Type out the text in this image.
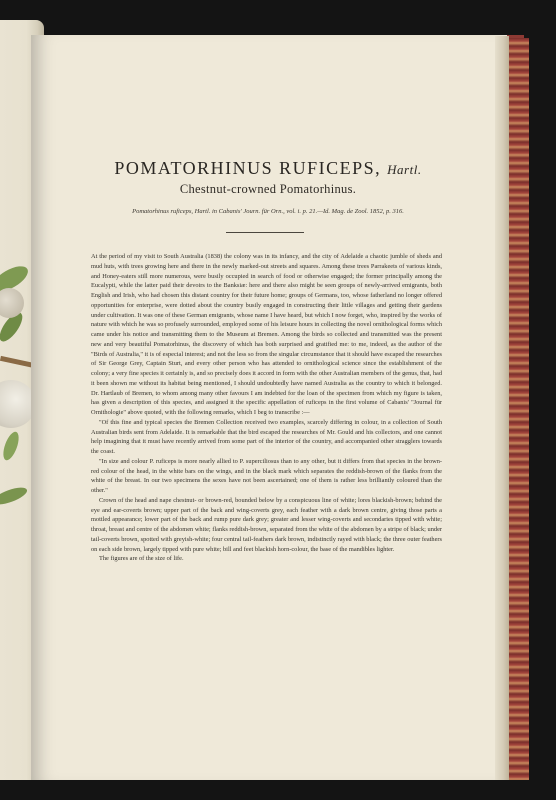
POMATORHINUS RUFICEPS, Hartl.
Chestnut-crowned Pomatorhinus.
Pomatorhinus ruficeps, Hartl. in Cabanis' Journ. für Orn., vol. i. p. 21.—Id. Mag. de Zool. 1852, p. 316.

At the period of my visit to South Australia (1838) the colony was in its infancy, and the city of Adelaide a chaotic jumble of sheds and mud huts, with trees growing here and there in the newly marked-out streets and squares. Among these trees Parrakeets of various kinds, and Honey-eaters still more numerous, were busily occupied in search of food or otherwise engaged; the former principally among the Eucalypti, while the latter paid their devoirs to the Banksiæ: here and there also might be seen groups of newly-arrived emigrants, both English and Irish, who had chosen this distant country for their future home; groups of Germans, too, whose fatherland no longer offered opportunities for enterprise, were dotted about the country busily engaged in constructing their little villages and getting their gardens under cultivation. It was one of these German emigrants, whose name I have heard, but which I now forget, who, inspired by the works of nature with which he was so profusely surrounded, employed some of his leisure hours in collecting the novel ornithological forms which came under his notice and transmitting them to the Museum at Bremen. Among the birds so collected and transmitted was the present new and very beautiful Pomatorhinus, the discovery of which has both surprised and gratified me: to me, indeed, as the author of the "Birds of Australia," it is of especial interest; and not the less so from the singular circumstance that it should have escaped the researches of Sir George Grey, Captain Sturt, and every other person who has attended to ornithological science since the establishment of the colony; a very fine species it certainly is, and so precisely does it accord in form with the other Australian members of the genus, that, had it been shown me without its habitat being mentioned, I should undoubtedly have named Australia as the country to which it belonged. Dr. Hartlaub of Bremen, to whom among many other favours I am indebted for the loan of the specimen from which my figure is taken, has given a description of this species, and assigned it the specific appellation of ruficeps in the first volume of Cabanis' "Journal für Ornithologie" above quoted, with the following remarks, which I beg to transcribe :—

"Of this fine and typical species the Bremen Collection received two examples, scarcely differing in colour, in a collection of South Australian birds sent from Adelaide. It is remarkable that the bird escaped the researches of Mr. Gould and his collectors, and one cannot help imagining that it must have recently arrived from some part of the interior of the country, and accompanied other stragglers towards the coast.

"In size and colour P. ruficeps is more nearly allied to P. superciliosus than to any other, but it differs from that species in the brown-red colour of the head, in the white bars on the wings, and in the black mark which separates the reddish-brown of the flanks from the white of the breast. In our two specimens the sexes have not been ascertained; one of them is rather less brilliantly coloured than the other."

Crown of the head and nape chestnut- or brown-red, bounded below by a conspicuous line of white; lores blackish-brown; behind the eye and ear-coverts brown; upper part of the back and wing-coverts grey, each feather with a dark brown centre, giving those parts a mottled appearance; lower part of the back and rump pure dark grey; greater and lesser wing-coverts and secondaries tipped with white; throat, breast and centre of the abdomen white; flanks reddish-brown, separated from the white of the abdomen by a stripe of black; under tail-coverts brown, spotted with greyish-white; four central tail-feathers dark brown, indistinctly rayed with black; the three outer feathers on each side brown, largely tipped with pure white; bill and feet blackish horn-colour, the base of the mandibles lighter.

The figures are of the size of life.
